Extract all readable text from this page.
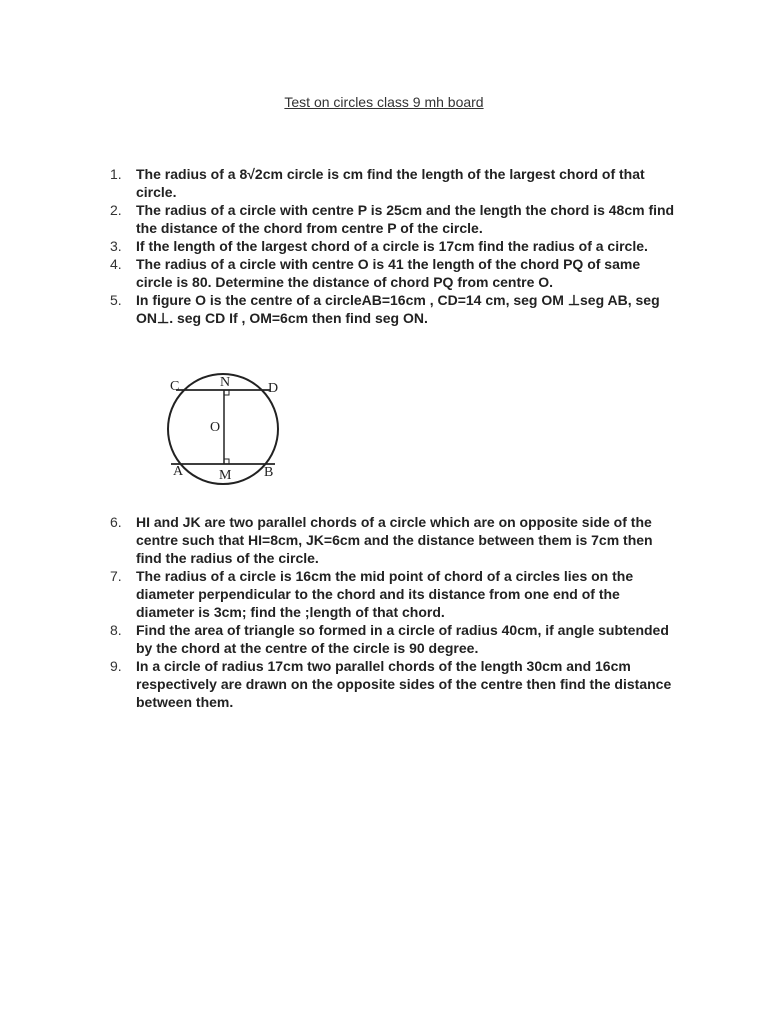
Test on circles class 9 mh board
1.	The radius of a 8√2cm circle is cm find the length of the largest chord of that circle.
2.	The radius of a circle with centre P is 25cm and the length the chord is 48cm find the distance of the chord from centre P of the circle.
3.	If the length of the largest chord of a circle is 17cm find the radius of a circle.
4.	The radius of a circle with centre O is 41 the length of the chord PQ of same circle is 80. Determine the distance of chord PQ from centre O.
5.	In figure O is the centre of a circleAB=16cm , CD=14 cm, seg OM ⊥seg AB, seg ON⊥. seg CD If , OM=6cm then find seg ON.
C	N	D
O
A	M B
6.	HI and JK are two parallel chords of a circle which are on opposite side of the centre such that HI=8cm, JK=6cm and the distance between them is 7cm then find the radius of the circle.
7.	The radius of a circle is 16cm the mid point of chord of a circles lies on the diameter perpendicular to the chord and its distance from one end of the diameter is 3cm; find the ;length of that chord.
8.	Find the area of triangle so formed in a circle of radius 40cm, if angle subtended by the chord at the centre of the circle is 90 degree.
9.	In a circle of radius 17cm two parallel chords of the length 30cm and 16cm respectively are drawn on the opposite sides of the centre then find the distance between them.
